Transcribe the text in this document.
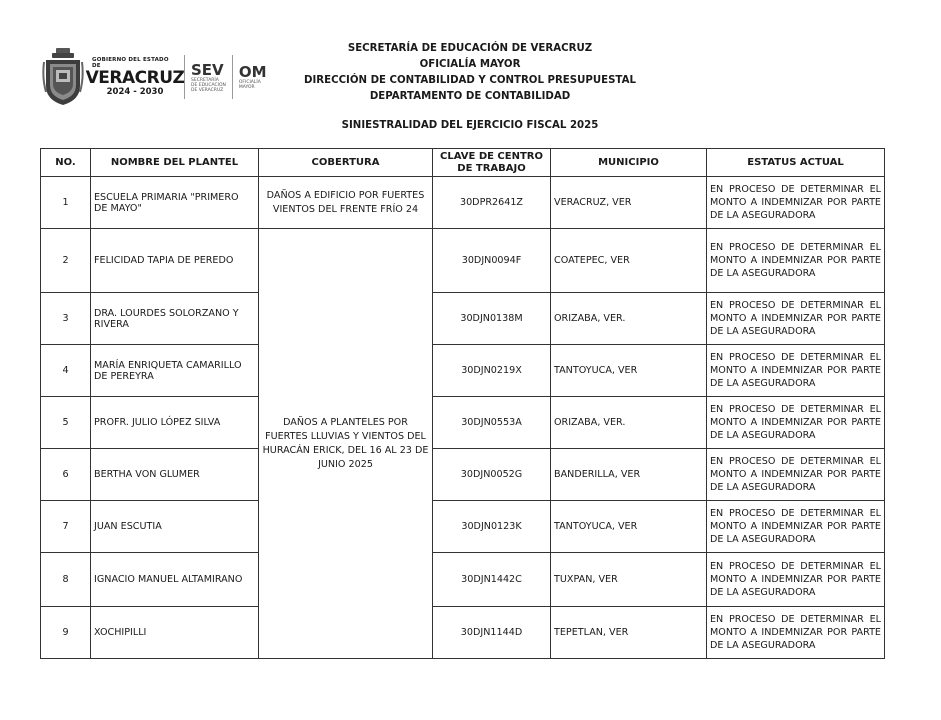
GOBIERNO DEL ESTADO DE
VERACRUZ
2024 - 2030
SEV
SECRETARÍA
DE EDUCACIÓN
DE VERACRUZ
OM
OFICIALÍA
MAYOR
SECRETARÍA DE EDUCACIÓN DE VERACRUZ
OFICIALÍA MAYOR
DIRECCIÓN DE CONTABILIDAD Y CONTROL PRESUPUESTAL
DEPARTAMENTO DE CONTABILIDAD
SINIESTRALIDAD DEL EJERCICIO FISCAL 2025
NO.	NOMBRE DEL PLANTEL	COBERTURA	CLAVE DE CENTRO DE TRABAJO	MUNICIPIO	ESTATUS ACTUAL
1	ESCUELA PRIMARIA "PRIMERO DE MAYO"	DAÑOS A EDIFICIO POR FUERTES VIENTOS DEL FRENTE FRÍO 24	30DPR2641Z	VERACRUZ, VER	EN PROCESO DE DETERMINAR EL MONTO A INDEMNIZAR POR PARTE DE LA ASEGURADORA
2	FELICIDAD TAPIA DE PEREDO	DAÑOS A PLANTELES POR FUERTES LLUVIAS Y VIENTOS DEL HURACÁN ERICK, DEL 16 AL 23 DE JUNIO 2025	30DJN0094F	COATEPEC, VER	EN PROCESO DE DETERMINAR EL MONTO A INDEMNIZAR POR PARTE DE LA ASEGURADORA
3	DRA. LOURDES SOLORZANO Y RIVERA		30DJN0138M	ORIZABA, VER.	EN PROCESO DE DETERMINAR EL MONTO A INDEMNIZAR POR PARTE DE LA ASEGURADORA
4	MARÍA ENRIQUETA CAMARILLO DE PEREYRA		30DJN0219X	TANTOYUCA, VER	EN PROCESO DE DETERMINAR EL MONTO A INDEMNIZAR POR PARTE DE LA ASEGURADORA
5	PROFR. JULIO LÓPEZ SILVA		30DJN0553A	ORIZABA, VER.	EN PROCESO DE DETERMINAR EL MONTO A INDEMNIZAR POR PARTE DE LA ASEGURADORA
6	BERTHA VON GLUMER		30DJN0052G	BANDERILLA, VER	EN PROCESO DE DETERMINAR EL MONTO A INDEMNIZAR POR PARTE DE LA ASEGURADORA
7	JUAN ESCUTIA		30DJN0123K	TANTOYUCA, VER	EN PROCESO DE DETERMINAR EL MONTO A INDEMNIZAR POR PARTE DE LA ASEGURADORA
8	IGNACIO MANUEL ALTAMIRANO		30DJN1442C	TUXPAN, VER	EN PROCESO DE DETERMINAR EL MONTO A INDEMNIZAR POR PARTE DE LA ASEGURADORA
9	XOCHIPILLI		30DJN1144D	TEPETLAN, VER	EN PROCESO DE DETERMINAR EL MONTO A INDEMNIZAR POR PARTE DE LA ASEGURADORA
